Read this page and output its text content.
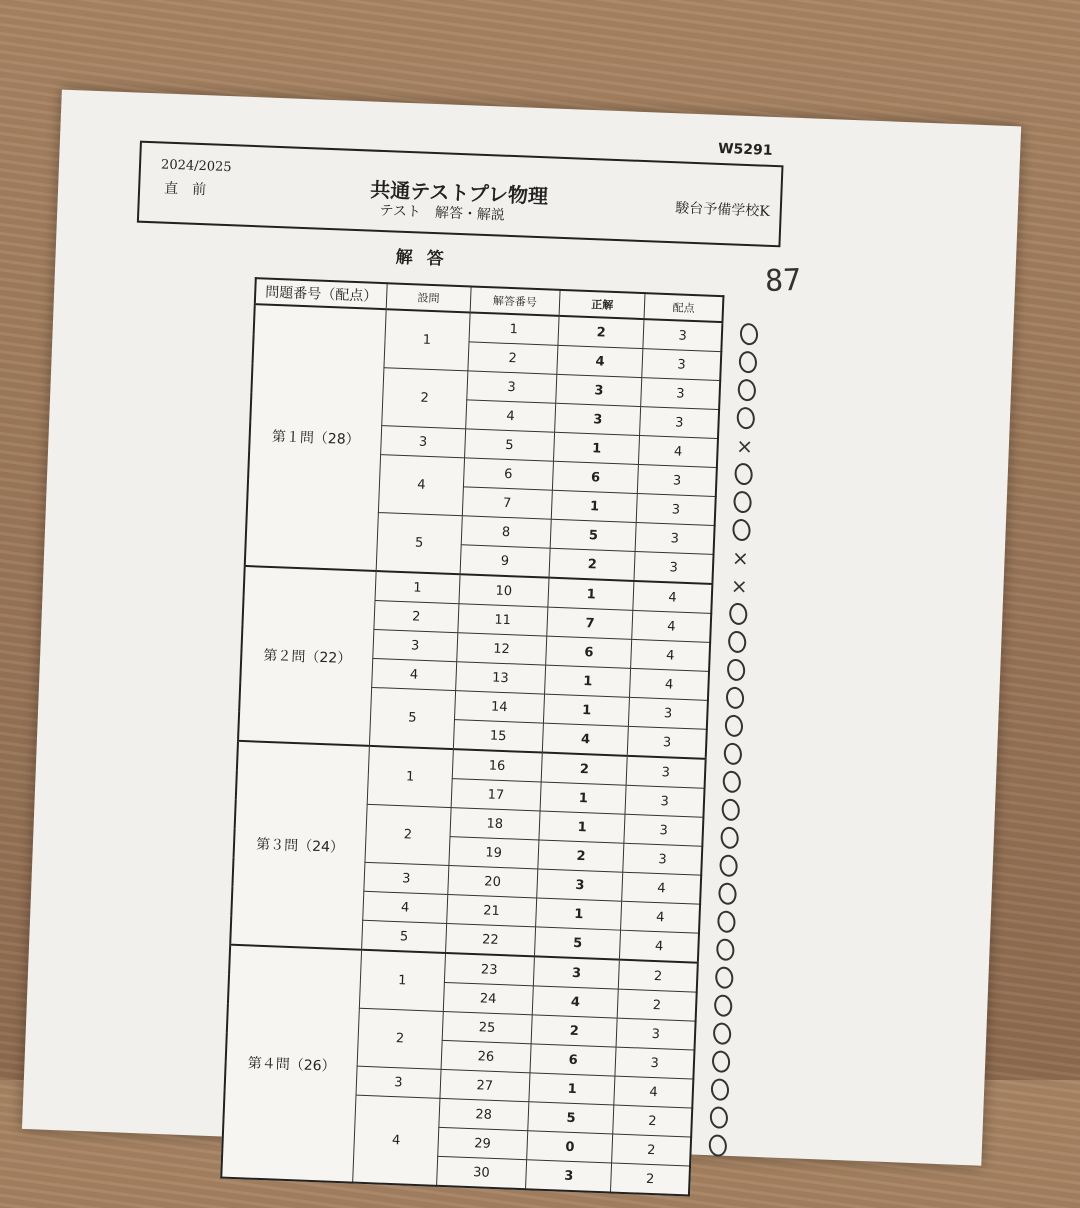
W5291
2024/2025
直前	共通テストプレ物理
テスト　解答・解説	駿台予備学校K
解答
87
問題番号（配点）	設問	解答番号	正解	配点
第１問（28）	1	1	2	3
		2	4	3
	2	3	3	3
		4	3	3
	3	5	1	4
	4	6	6	3
		7	1	3
	5	8	5	3
		9	2	3
第２問（22）	1	10	1	4
	2	11	7	4
	3	12	6	4
	4	13	1	4
	5	14	1	3
		15	4	3
第３問（24）	1	16	2	3
		17	1	3
	2	18	1	3
		19	2	3
	3	20	3	4
	4	21	1	4
	5	22	5	4
第４問（26）	1	23	3	2
		24	4	2
	2	25	2	3
		26	6	3
	3	27	1	4
	4	28	5	2
		29	0	2
		30	3	2
×
×
×
